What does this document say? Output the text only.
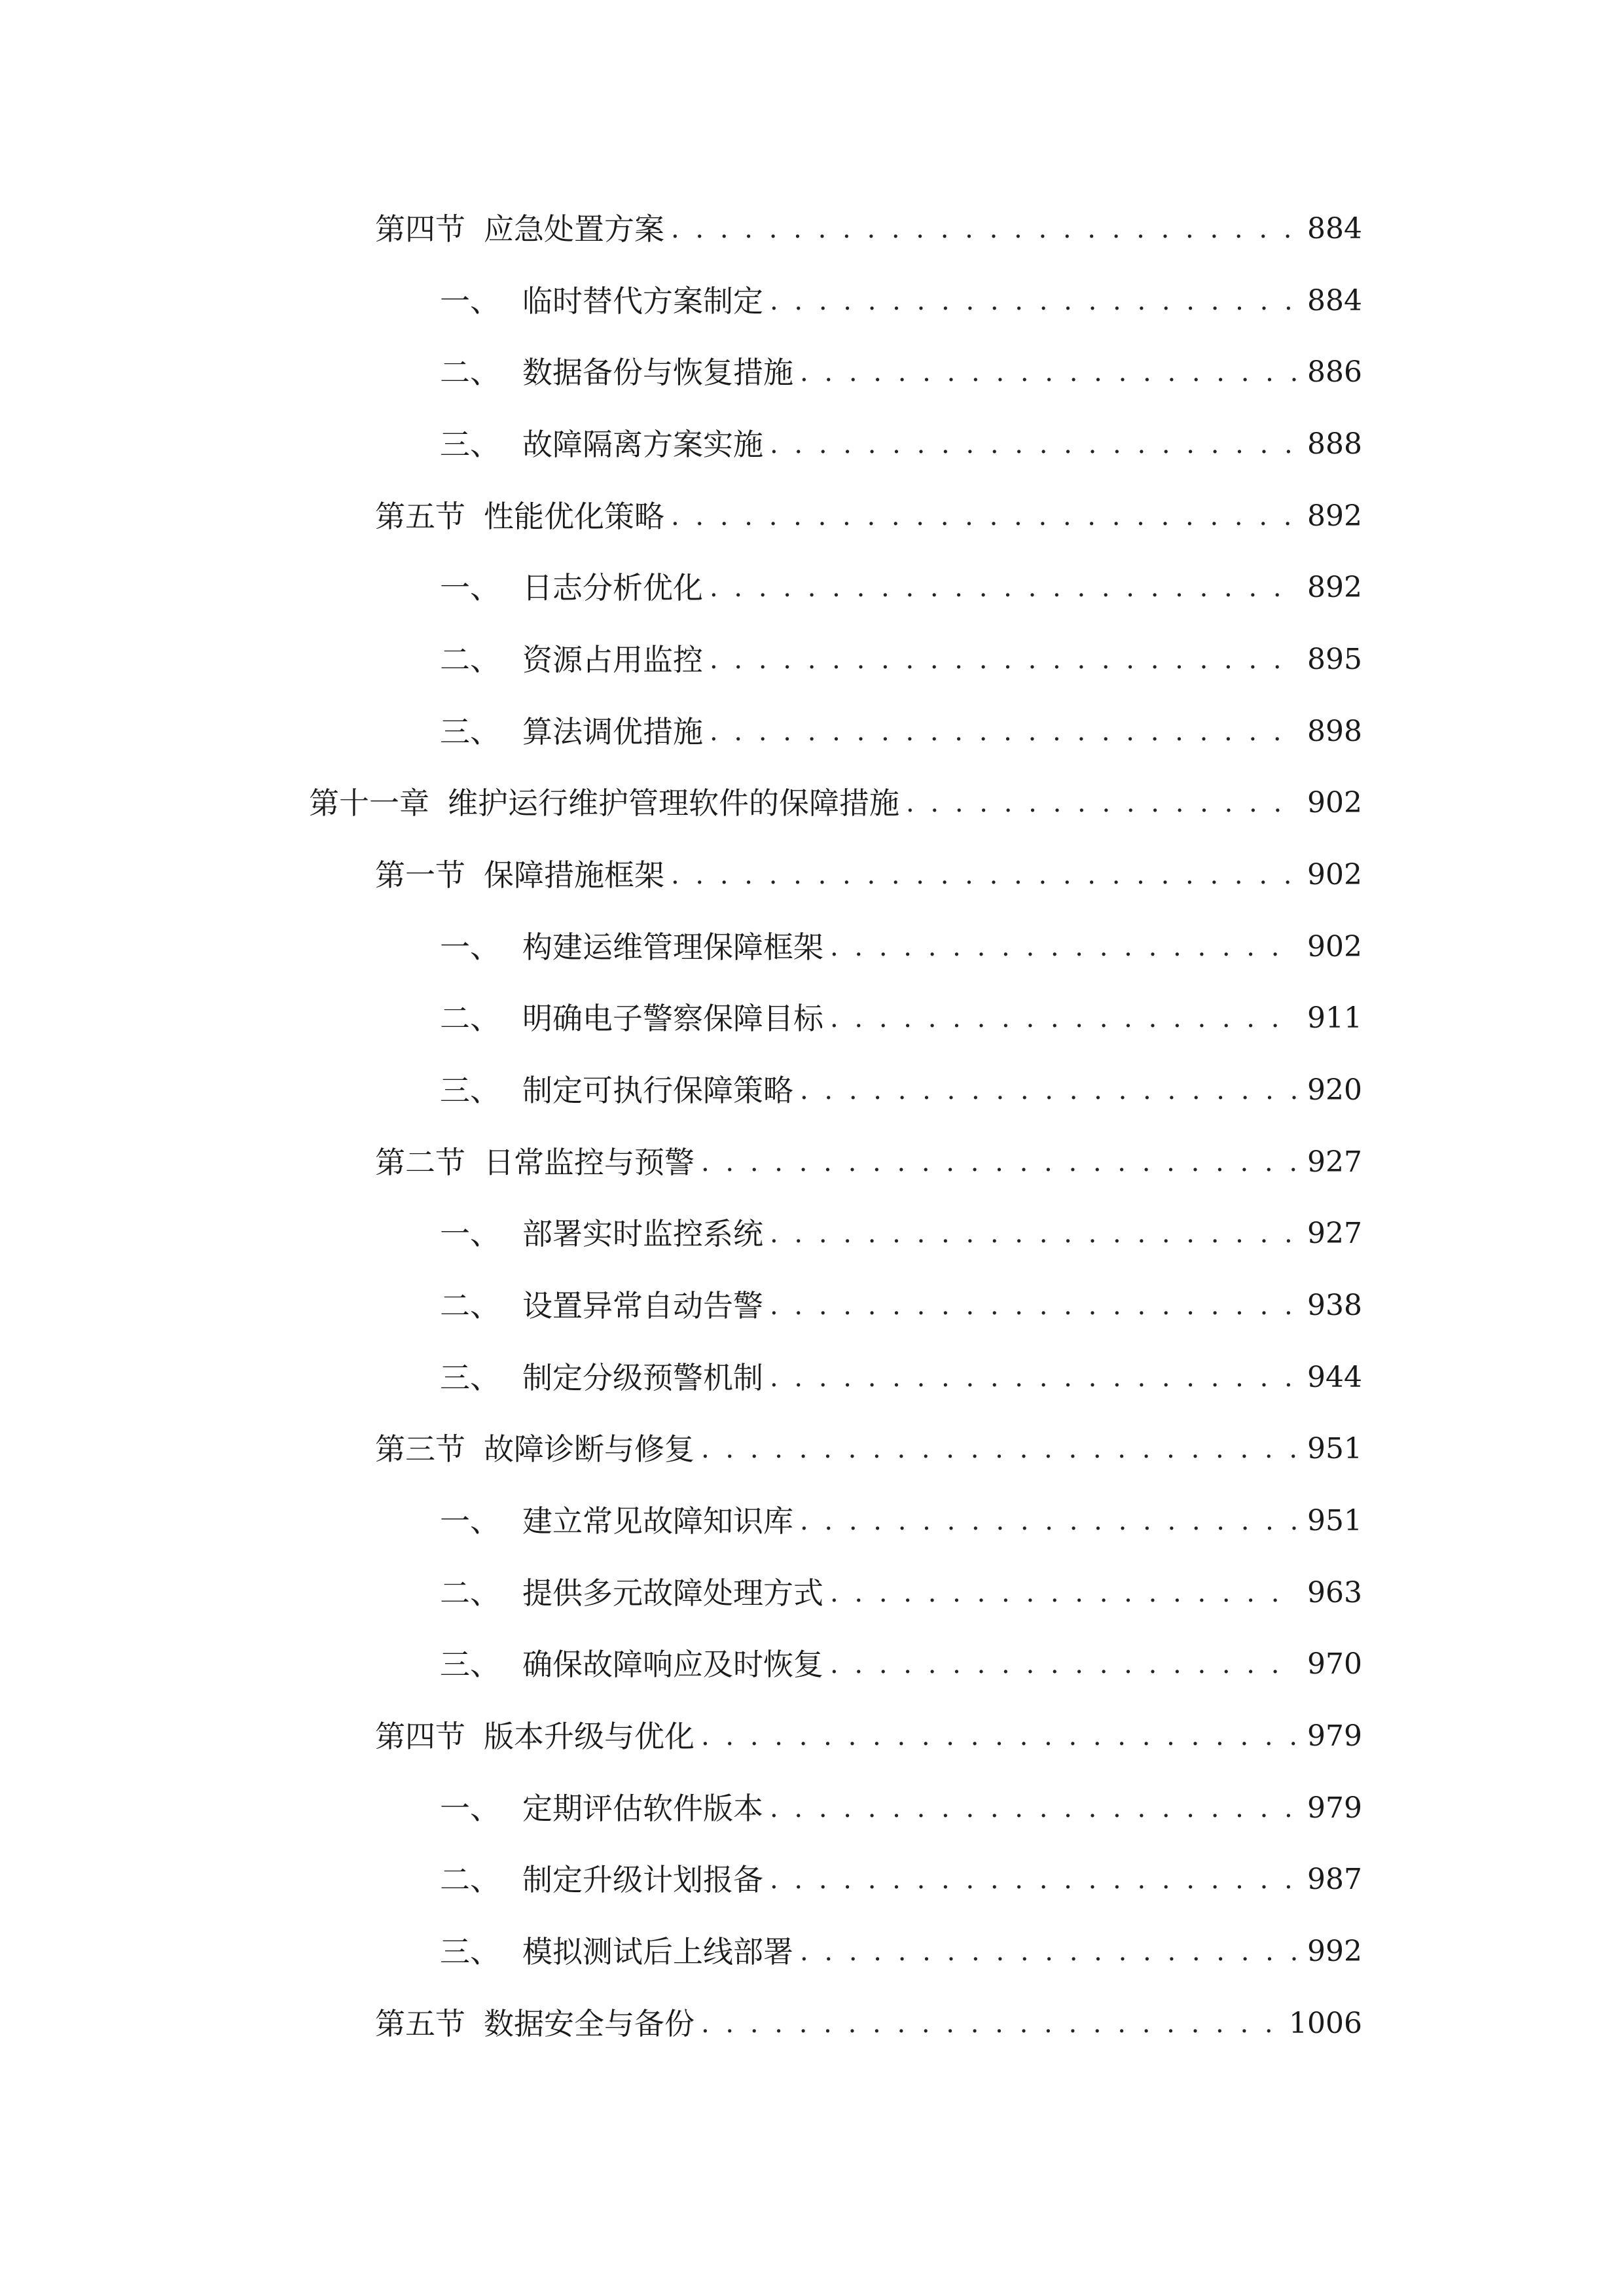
第四节 应急处置方案 . . .	884
一、 临时替代方案制定 . . .	884
二、 数据备份与恢复措施 . . .	886
三、 故障隔离方案实施 . . .	888
第五节 性能优化策略 . . .	892
一、 日志分析优化 . . .	892
二、 资源占用监控 . . .	895
三、 算法调优措施 . . .	898
第十一章 维护运行维护管理软件的保障措施 . . .	902
第一节 保障措施框架 . . .	902
一、 构建运维管理保障框架 . . .	902
二、 明确电子警察保障目标 . . .	911
三、 制定可执行保障策略 . . .	920
第二节 日常监控与预警 . . .	927
一、 部署实时监控系统 . . .	927
二、 设置异常自动告警 . . .	938
三、 制定分级预警机制 . . .	944
第三节 故障诊断与修复 . . .	951
一、 建立常见故障知识库 . . .	951
二、 提供多元故障处理方式 . . .	963
三、 确保故障响应及时恢复 . . .	970
第四节 版本升级与优化 . . .	979
一、 定期评估软件版本 . . .	979
二、 制定升级计划报备 . . .	987
三、 模拟测试后上线部署 . . .	992
第五节 数据安全与备份 . . .	1006
